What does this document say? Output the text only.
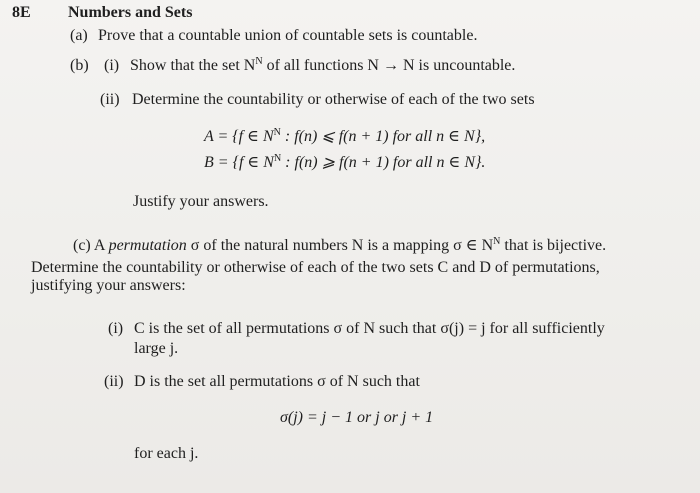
8E Numbers and Sets
(a) Prove that a countable union of countable sets is countable.
(b) (i) Show that the set $N^N$ of all functions N → N is uncountable.
(ii) Determine the countability or otherwise of each of the two sets
A = {f ∈ $N^N$ : f(n) ⩽ f(n + 1) for all n ∈ N},
B = {f ∈ $N^N$ : f(n) ⩾ f(n + 1) for all n ∈ N}.
Justify your answers.
(c) A permutation σ of the natural numbers N is a mapping σ ∈ $N^N$ that is bijective.
Determine the countability or otherwise of each of the two sets C and D of permutations,
justifying your answers:
(i) C is the set of all permutations σ of N such that σ(j) = j for all sufficiently
large j.
(ii) D is the set all permutations σ of N such that
σ(j) = j − 1 or j or j + 1
for each j.
